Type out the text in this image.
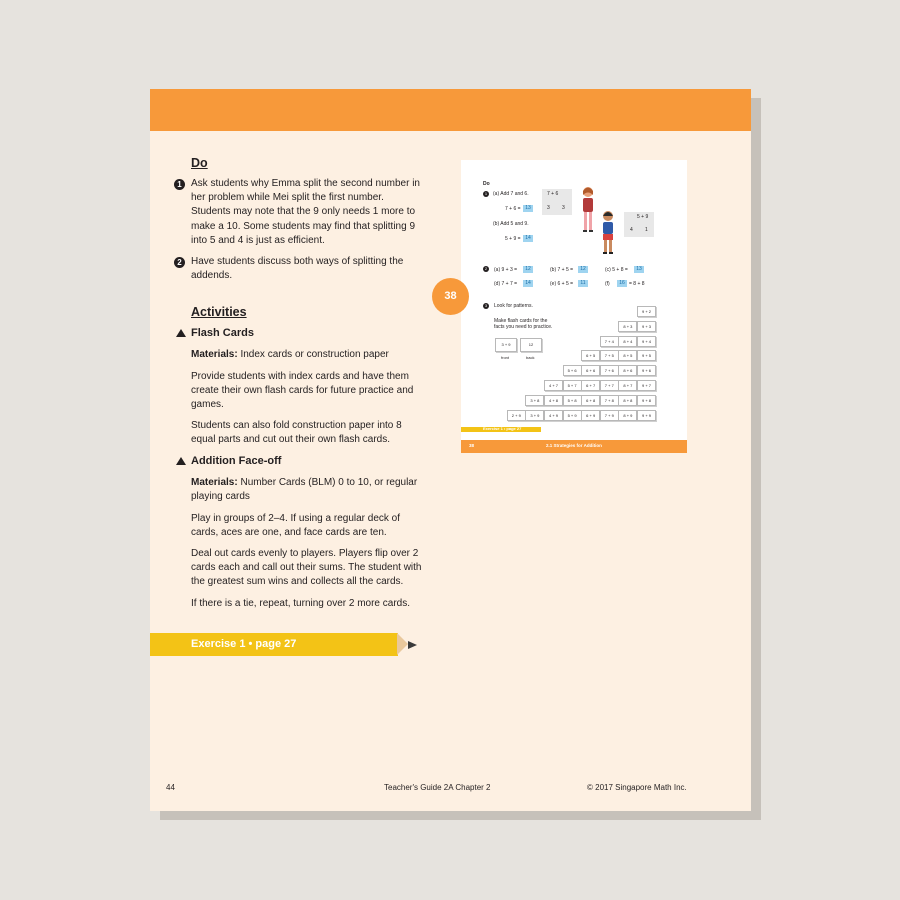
Do
1 Ask students why Emma split the second number in her problem while Mei split the first number. Students may note that the 9 only needs 1 more to make a 10. Some students may find that splitting 9 into 5 and 4 is just as efficient.
2 Have students discuss both ways of splitting the addends.
Activities
Flash Cards
Materials: Index cards or construction paper
Provide students with index cards and have them create their own flash cards for future practice and games.
Students can also fold construction paper into 8 equal parts and cut out their own flash cards.
Addition Face-off
Materials: Number Cards (BLM) 0 to 10, or regular playing cards
Play in groups of 2–4. If using a regular deck of cards, aces are one, and face cards are ten.
Deal out cards evenly to players. Players flip over 2 cards each and call out their sums. The student with the greatest sum wins and collects all the cards.
If there is a tie, repeat, turning over 2 more cards.
Exercise 1 • page 27
Do
1	(a) Add 7 and 6.
7 + 6 = 13
(b) Add 5 and 9.
5 + 9 = 14
7 + 6
3 3
5 + 9
4 1
2	(a) 9 + 3 =	12	(b) 7 + 5 =	12	(c) 5 + 8 =	13
(d) 7 + 7 =	14	(e) 6 + 5 =	11	(f)	16 = 8 + 8
3	Look for patterns.
Make flash cards for the
facts you need to practice.
3 + 9	12
front	back
9 + 2
8 + 3	9 + 3
7 + 4	8 + 4	9 + 4
6 + 5	7 + 5	8 + 5	9 + 5
5 + 6	6 + 6	7 + 6	8 + 6	9 + 6
4 + 7	5 + 7	6 + 7	7 + 7	8 + 7	9 + 7
3 + 8	4 + 8	5 + 8	6 + 8	7 + 8	8 + 8	9 + 8
2 + 9	3 + 9	4 + 9	5 + 9	6 + 9	7 + 9	8 + 9	9 + 9
Exercise 1 • page 27
38	2.1 Strategies for Addition
38
44	Teacher's Guide 2A Chapter 2	© 2017 Singapore Math Inc.
